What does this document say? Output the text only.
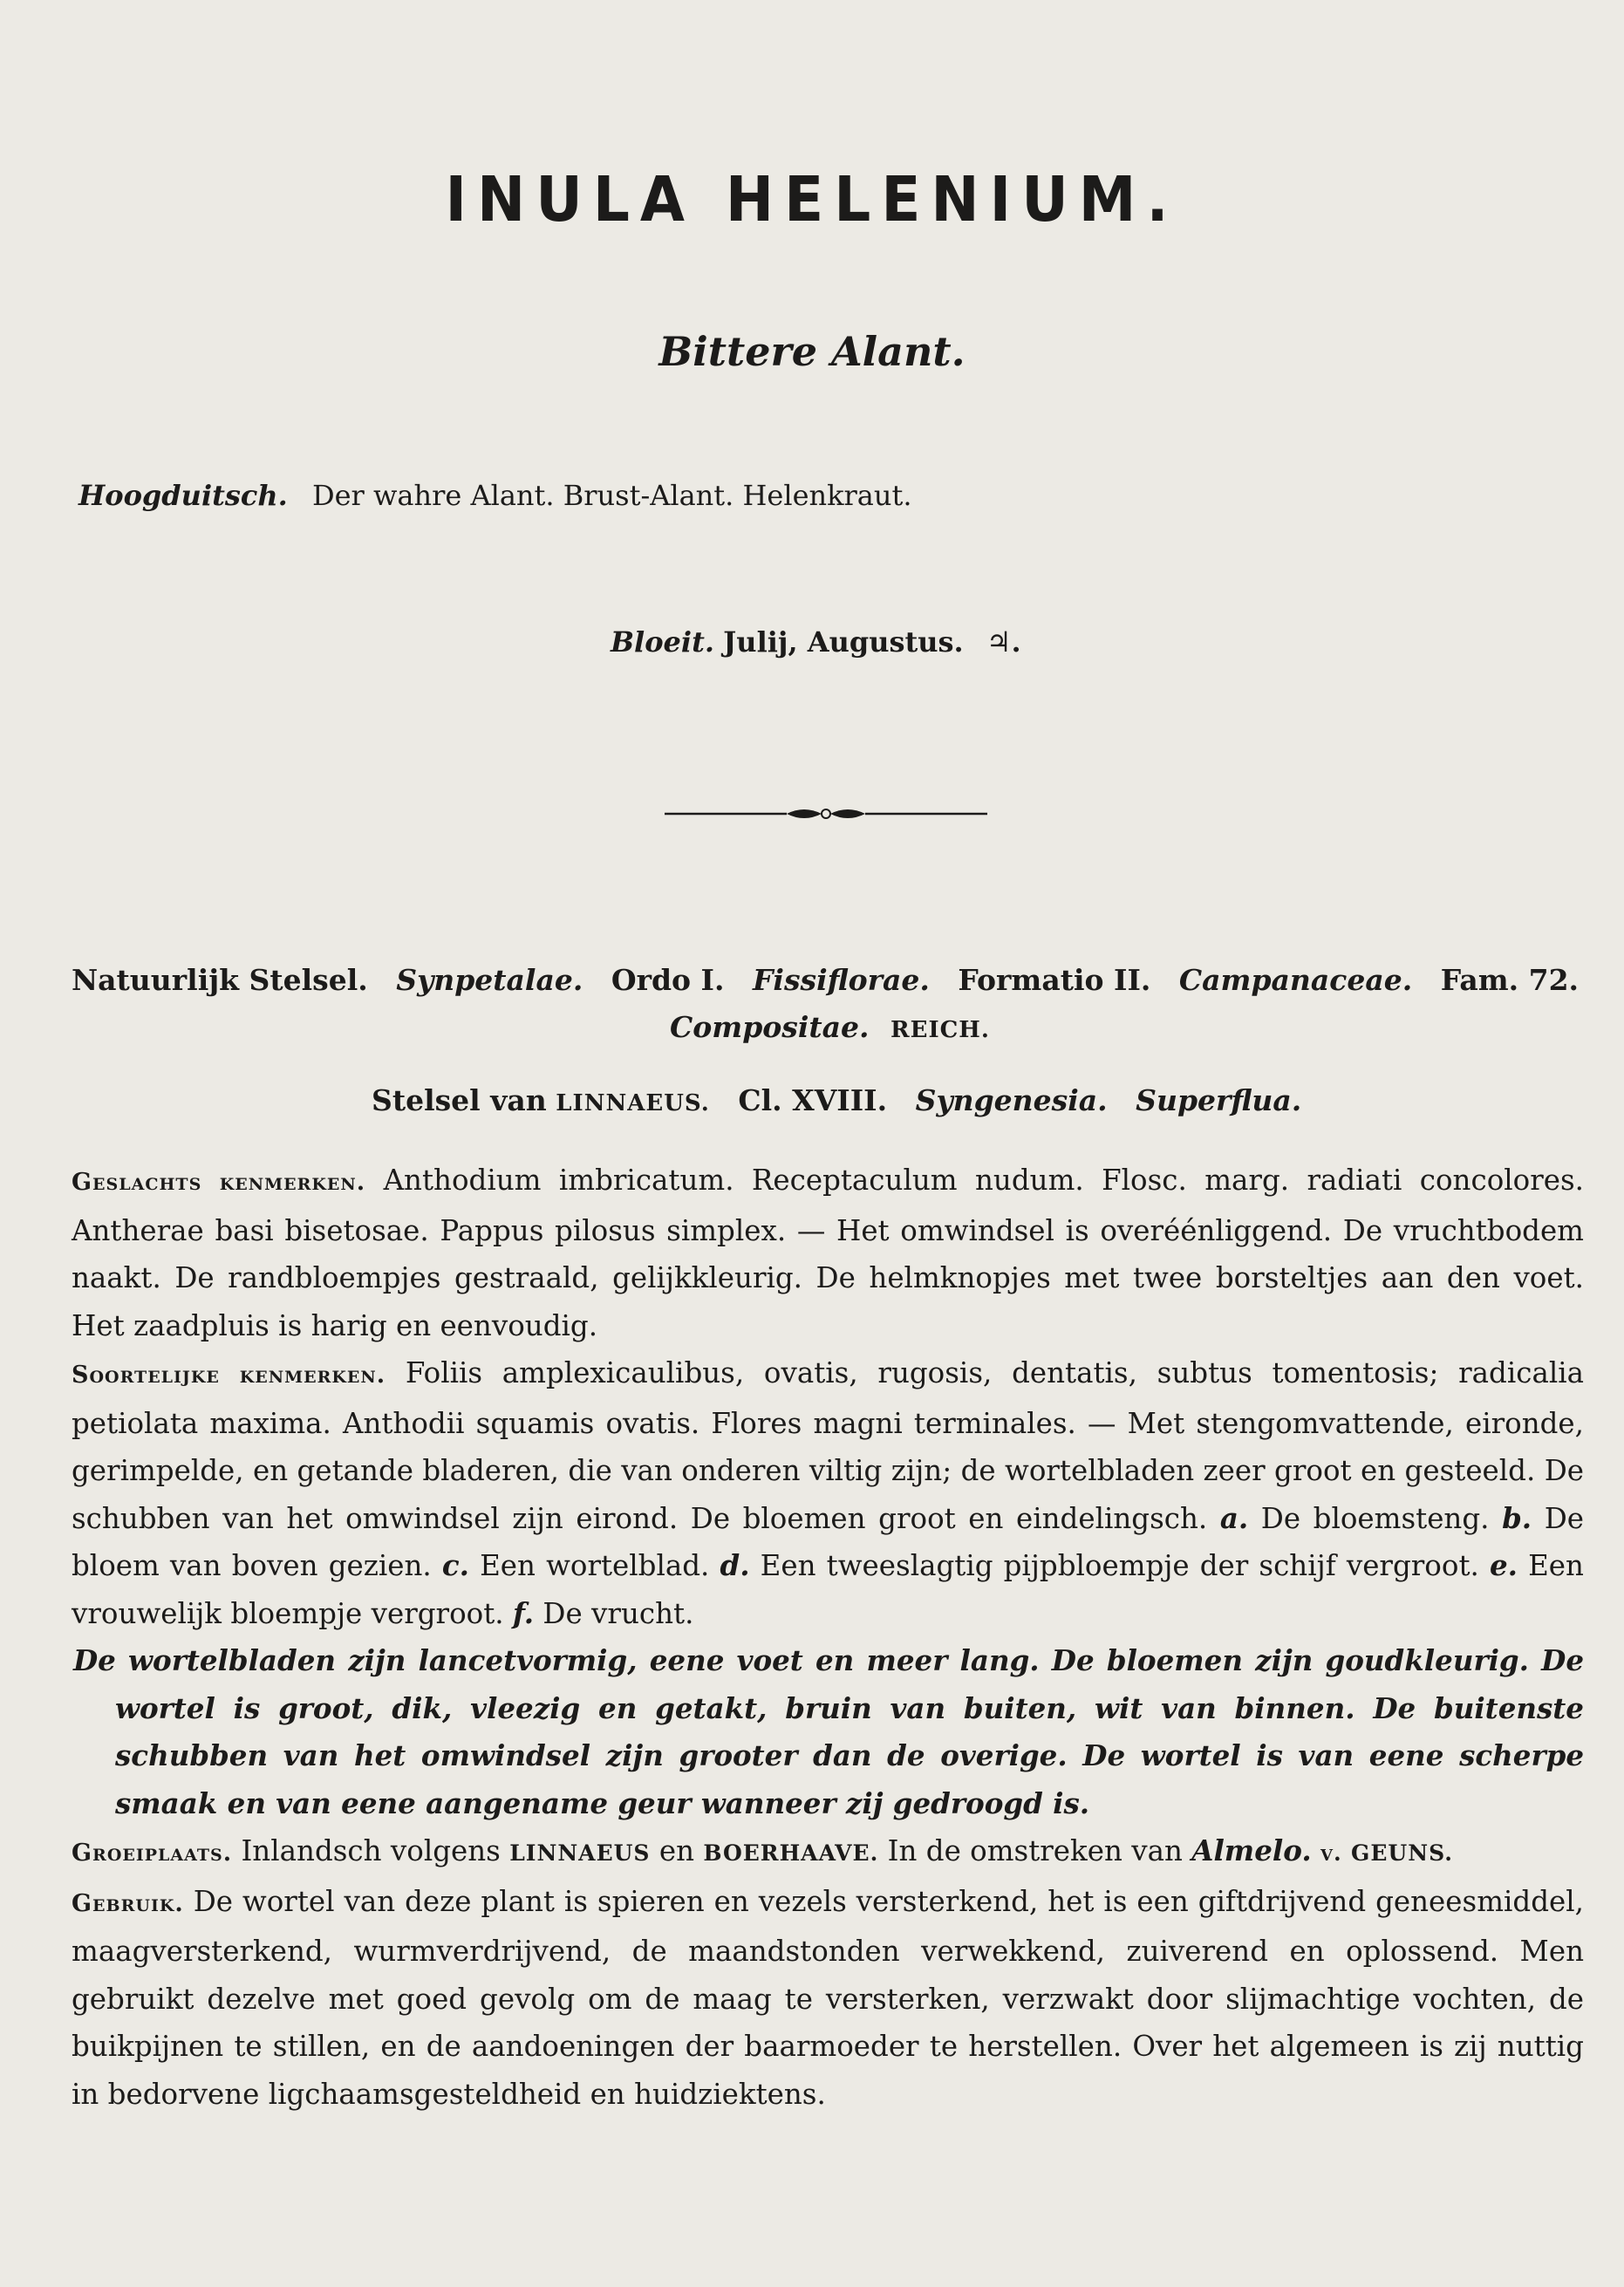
INULA HELENIUM.
Bittere Alant.
Hoogduitsch. Der wahre Alant. Brust-Alant. Helenkraut.
Bloeit. Julij, Augustus. ♃.
Natuurlijk Stelsel. Synpetalae. Ordo I. Fissiflorae. Formatio II. Campanaceae. Fam. 72.
Compositae. REICH.
Stelsel van LINNAEUS. Cl. XVIII. Syngenesia. Superflua.

Geslachts kenmerken. Anthodium imbricatum. Receptaculum nudum. Flosc. marg. radiati concolores. Antherae basi bisetosae. Pappus pilosus simplex. — Het omwindsel is overéénliggend. De vruchtbodem naakt. De randbloempjes gestraald, gelijkkleurig. De helmknopjes met twee borsteltjes aan den voet. Het zaadpluis is harig en eenvoudig.

Soortelijke kenmerken. Foliis amplexicaulibus, ovatis, rugosis, dentatis, subtus tomentosis; radicalia petiolata maxima. Anthodii squamis ovatis. Flores magni terminales. — Met stengomvattende, eironde, gerimpelde, en getande bladeren, die van onderen viltig zijn; de wortelbladen zeer groot en gesteeld. De schubben van het omwindsel zijn eirond. De bloemen groot en eindelingsch. a. De bloemsteng. b. De bloem van boven gezien. c. Een wortelblad. d. Een tweeslagtig pijpbloempje der schijf vergroot. e. Een vrouwelijk bloempje vergroot. f. De vrucht.

De wortelbladen zijn lancetvormig, eene voet en meer lang. De bloemen zijn goudkleurig. De wortel is groot, dik, vleezig en getakt, bruin van buiten, wit van binnen. De buitenste schubben van het omwindsel zijn grooter dan de overige. De wortel is van eene scherpe smaak en van eene aangename geur wanneer zij gedroogd is.

Groeiplaats. Inlandsch volgens LINNAEUS en BOERHAAVE. In de omstreken van Almelo. v. GEUNS.

Gebruik. De wortel van deze plant is spieren en vezels versterkend, het is een giftdrijvend geneesmiddel, maagversterkend, wurmverdrijvend, de maandstonden verwekkend, zuiverend en oplossend. Men gebruikt dezelve met goed gevolg om de maag te versterken, verzwakt door slijmachtige vochten, de buikpijnen te stillen, en de aandoeningen der baarmoeder te herstellen. Over het algemeen is zij nuttig in bedorvene ligchaamsgesteldheid en huidziektens.
